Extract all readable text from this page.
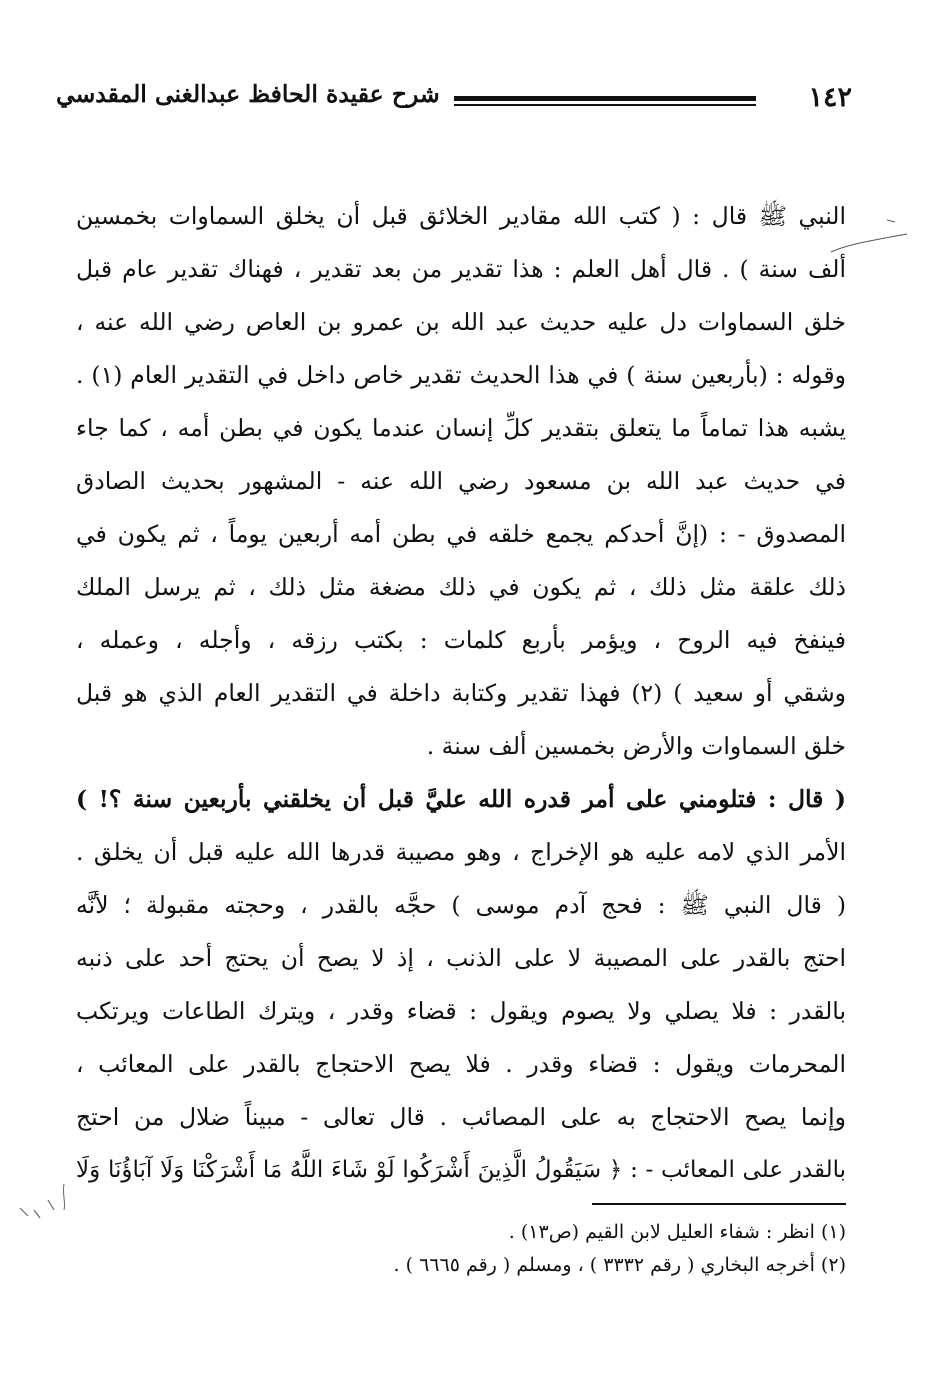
١٤٢
شرح عقيدة الحافظ عبدالغنى المقدسي
النبي ﷺ قال : ( كتب الله مقادير الخلائق قبل أن يخلق السماوات بخمسين
ألف سنة ) . قال أهل العلم : هذا تقدير من بعد تقدير ، فهناك تقدير عام قبل
خلق السماوات دل عليه حديث عبد الله بن عمرو بن العاص رضي الله عنه ،
وقوله : (بأربعين سنة ) في هذا الحديث تقدير خاص داخل في التقدير العام (١) .
يشبه هذا تماماً ما يتعلق بتقدير كلِّ إنسان عندما يكون في بطن أمه ، كما جاء
في حديث عبد الله بن مسعود رضي الله عنه - المشهور بحديث الصادق
المصدوق - : (إنَّ أحدكم يجمع خلقه في بطن أمه أربعين يوماً ، ثم يكون في
ذلك علقة مثل ذلك ، ثم يكون في ذلك مضغة مثل ذلك ، ثم يرسل الملك
فينفخ فيه الروح ، ويؤمر بأربع كلمات : بكتب رزقه ، وأجله ، وعمله ،
وشقي أو سعيد ) (٢) فهذا تقدير وكتابة داخلة في التقدير العام الذي هو قبل
خلق السماوات والأرض بخمسين ألف سنة .
( قال : فتلومني على أمر قدره الله عليَّ قبل أن يخلقني بأربعين سنة ؟! )
الأمر الذي لامه عليه هو الإخراج ، وهو مصيبة قدرها الله عليه قبل أن يخلق .
( قال النبي ﷺ : فحج آدم موسى ) حجَّه بالقدر ، وحجته مقبولة ؛ لأنَّه
احتج بالقدر على المصيبة لا على الذنب ، إذ لا يصح أن يحتج أحد على ذنبه
بالقدر : فلا يصلي ولا يصوم ويقول : قضاء وقدر ، ويترك الطاعات ويرتكب
المحرمات ويقول : قضاء وقدر . فلا يصح الاحتجاج بالقدر على المعائب ،
وإنما يصح الاحتجاج به على المصائب . قال تعالى - مبيناً ضلال من احتج
بالقدر على المعائب - : ﴿ سَيَقُولُ الَّذِينَ أَشْرَكُوا لَوْ شَاءَ اللَّهُ مَا أَشْرَكْنَا وَلَا آبَاؤُنَا وَلَا
(١) انظر : شفاء العليل لابن القيم (ص١٣) .
(٢) أخرجه البخاري ( رقم ٣٣٣٢ ) ، ومسلم ( رقم ٦٦٦٥ ) .
